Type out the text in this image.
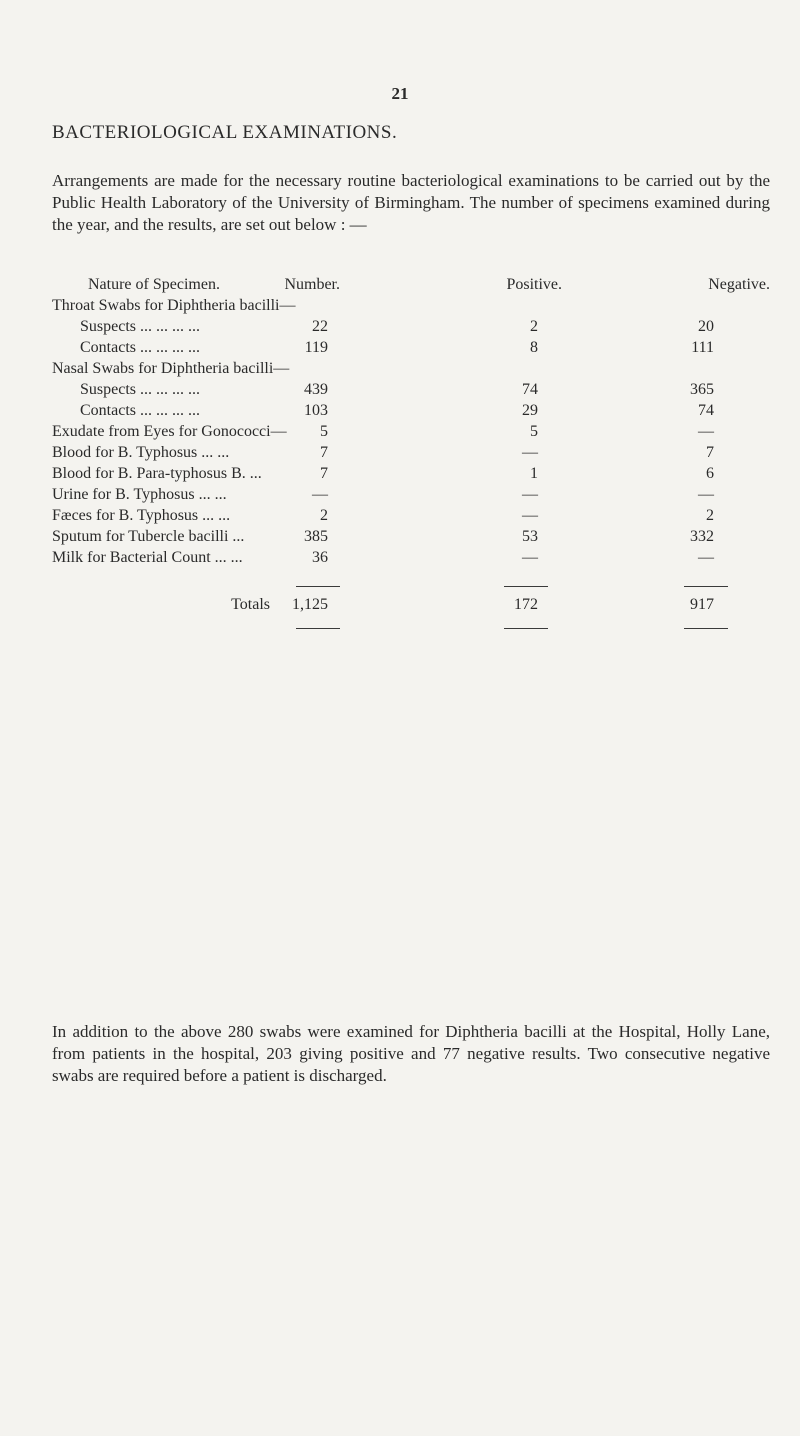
21
BACTERIOLOGICAL EXAMINATIONS.
Arrangements are made for the necessary routine bacteriological examinations to be carried out by the Public Health Laboratory of the University of Birmingham. The number of specimens examined during the year, and the results, are set out below : —
Nature of Specimen.	Number.	Positive.	Negative.
Throat Swabs for Diphtheria bacilli—
Suspects ... ... ... ...	22	2	20
Contacts ... ... ... ...	119	8	111
Nasal Swabs for Diphtheria bacilli—
Suspects ... ... ... ...	439	74	365
Contacts ... ... ... ...	103	29	74
Exudate from Eyes for Gonococci— 5	5	—
Blood for B. Typhosus ... ...	7	—	7
Blood for B. Para-typhosus B. ...	7	1	6
Urine for B. Typhosus ... ...	—	—	—
Fæces for B. Typhosus ... ...	2	—	2
Sputum for Tubercle bacilli ...	385	53	332
Milk for Bacterial Count ... ...	36	—	—
Totals 1,125	172	917
In addition to the above 280 swabs were examined for Diphtheria bacilli at the Hospital, Holly Lane, from patients in the hospital, 203 giving positive and 77 negative results. Two consecutive negative swabs are required before a patient is discharged.
